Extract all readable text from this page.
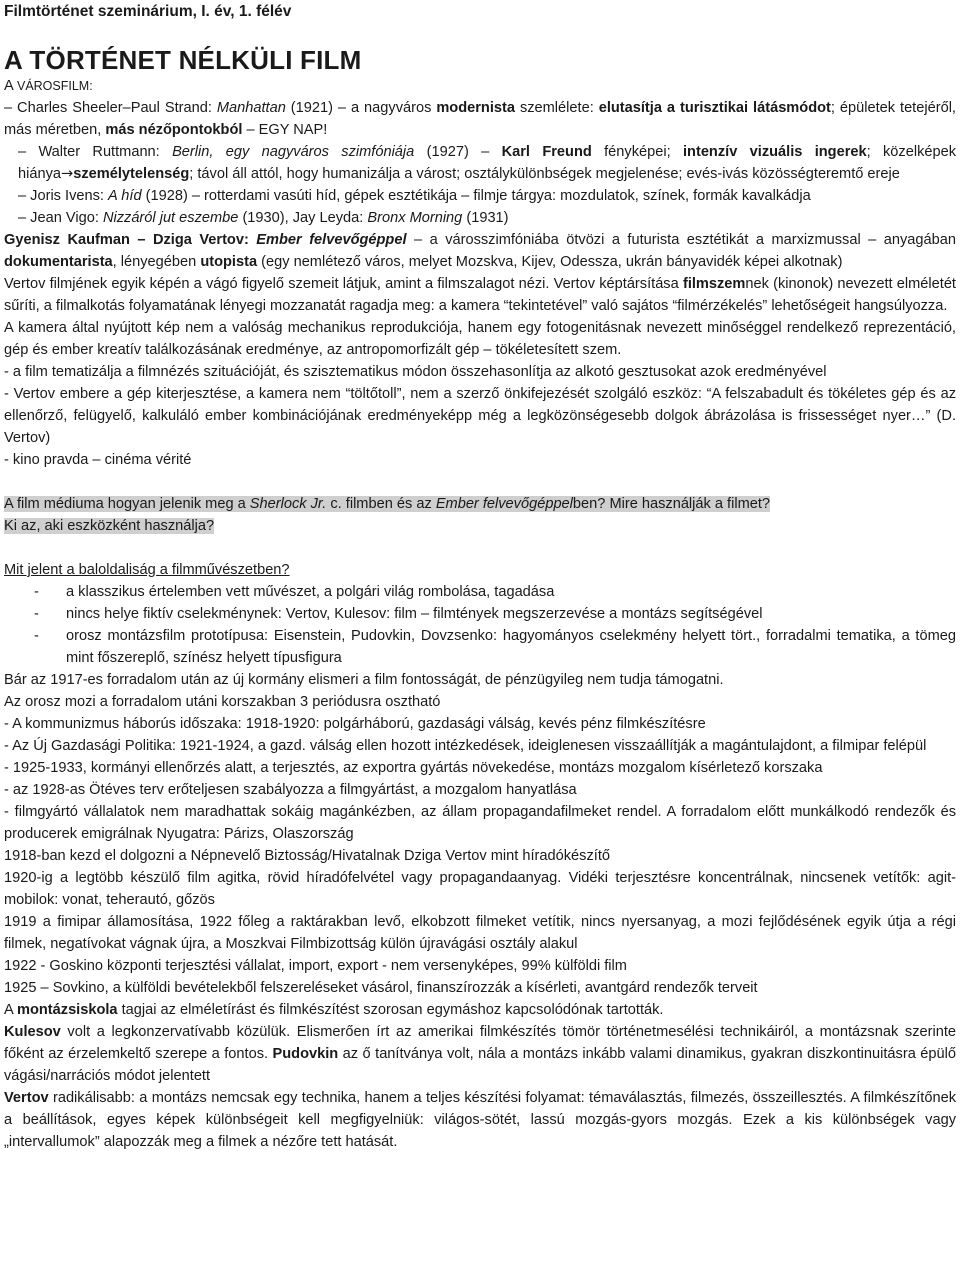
Filmtörténet szeminárium, I. év, 1. félév
A TÖRTÉNET NÉLKÜLI FILM
A VÁROSFILM:
– Charles Sheeler–Paul Strand: Manhattan (1921) – a nagyváros modernista szemlélete: elutasítja a turisztikai látásmódot; épületek tetejéről, más méretben, más nézőpontokból – EGY NAP!
– Walter Ruttmann: Berlin, egy nagyváros szimfóniája (1927) – Karl Freund fényképei; intenzív vizuális ingerek; közelképek hiánya→személytelenség; távol áll attól, hogy humanizálja a várost; osztálykülönbségek megjelenése; evés-ivás közösségteremtő ereje
– Joris Ivens: A híd (1928) – rotterdami vasúti híd, gépek esztétikája – filmje tárgya: mozdulatok, színek, formák kavalkádja
– Jean Vigo: Nizzáról jut eszembe (1930), Jay Leyda: Bronx Morning (1931)
Gyenisz Kaufman – Dziga Vertov: Ember felvevőgéppel – a városszimfóniába ötvözi a futurista esztétikát a marxizmussal – anyagában dokumentarista, lényegében utopista (egy nemlétező város, melyet Mozskva, Kijev, Odessza, ukrán bányavidék képei alkotnak)
Vertov filmjének egyik képén a vágó figyelő szemeit látjuk, amint a filmszalagot nézi. Vertov képtársítása filmszemnek (kinonok) nevezett elméletét sűríti, a filmalkotás folyamatának lényegi mozzanatát ragadja meg: a kamera “tekintetével” való sajátos “filmérzékelés” lehetőségeit hangsúlyozza.
A kamera által nyújtott kép nem a valóság mechanikus reprodukciója, hanem egy fotogenitásnak nevezett minőséggel rendelkező reprezentáció, gép és ember kreatív találkozásának eredménye, az antropomorfizált gép – tökéletesített szem.
- a film tematizálja a filmnézés szituációját, és szisztematikus módon összehasonlítja az alkotó gesztusokat azok eredményével
- Vertov embere a gép kiterjesztése, a kamera nem “töltőtoll”, nem a szerző önkifejezését szolgáló eszköz: “A felszabadult és tökéletes gép és az ellenőrző, felügyelő, kalkuláló ember kombinációjának eredményeképp még a legközönségesebb dolgok ábrázolása is frissességet nyer…” (D. Vertov)
- kino pravda – cinéma vérité
A film médiuma hogyan jelenik meg a Sherlock Jr. c. filmben és az Ember felvevőgéppelben? Mire használják a filmet?
Ki az, aki eszközként használja?
Mit jelent a baloldaliság a filmművészetben?
-	a klasszikus értelemben vett művészet, a polgári világ rombolása, tagadása
-	nincs helye fiktív cselekménynek: Vertov, Kulesov: film – filmtények megszerzevése a montázs segítségével
-	orosz montázsfilm prototípusa: Eisenstein, Pudovkin, Dovzsenko: hagyományos cselekmény helyett tört., forradalmi tematika, a tömeg mint főszereplő, színész helyett típusfigura
Bár az 1917-es forradalom után az új kormány elismeri a film fontosságát, de pénzügyileg nem tudja támogatni.
Az orosz mozi a forradalom utáni korszakban 3 periódusra osztható
- A kommunizmus háborús időszaka: 1918-1920: polgárháború, gazdasági válság, kevés pénz filmkészítésre
- Az Új Gazdasági Politika: 1921-1924, a gazd. válság ellen hozott intézkedések, ideiglenesen visszaállítják a magántulajdont, a filmipar felépül
- 1925-1933, kormányi ellenőrzés alatt, a terjesztés, az exportra gyártás növekedése, montázs mozgalom kísérletező korszaka
- az 1928-as Ötéves terv erőteljesen szabályozza a filmgyártást, a mozgalom hanyatlása
- filmgyártó vállalatok nem maradhattak sokáig magánkézben, az állam propagandafilmeket rendel. A forradalom előtt munkálkodó rendezők és producerek emigrálnak Nyugatra: Párizs, Olaszország
1918-ban kezd el dolgozni a Népnevelő Biztosság/Hivatalnak Dziga Vertov mint híradókészítő
1920-ig a legtöbb készülő film agitka, rövid híradófelvétel vagy propagandaanyag. Vidéki terjesztésre koncentrálnak, nincsenek vetítők: agit-mobilok: vonat, teherautó, gőzös
1919 a fimipar államosítása, 1922 főleg a raktárakban levő, elkobzott filmeket vetítik, nincs nyersanyag, a mozi fejlődésének egyik útja a régi filmek, negatívokat vágnak újra, a Moszkvai Filmbizottság külön újravágási osztály alakul
1922 - Goskino központi terjesztési vállalat, import, export - nem versenyképes, 99% külföldi film
1925 – Sovkino, a külföldi bevételekből felszereléseket vásárol, finanszírozzák a kísérleti, avantgárd rendezők terveit
A montázsiskola tagjai az elméletírást és filmkészítést szorosan egymáshoz kapcsolódónak tartották.
Kulesov volt a legkonzervatívabb közülük. Elismerően írt az amerikai filmkészítés tömör történetmesélési technikáiról, a montázsnak szerinte főként az érzelemkeltő szerepe a fontos. Pudovkin az ő tanítványa volt, nála a montázs inkább valami dinamikus, gyakran diszkontinuitásra épülő vágási/narrációs módot jelentett
Vertov radikálisabb: a montázs nemcsak egy technika, hanem a teljes készítési folyamat: témaválasztás, filmezés, összeillesztés. A filmkészítőnek a beállítások, egyes képek különbségeit kell megfigyelniük: világos-sötét, lassú mozgás-gyors mozgás. Ezek a kis különbségek vagy „intervallumok” alapozzák meg a filmek a nézőre tett hatását.
